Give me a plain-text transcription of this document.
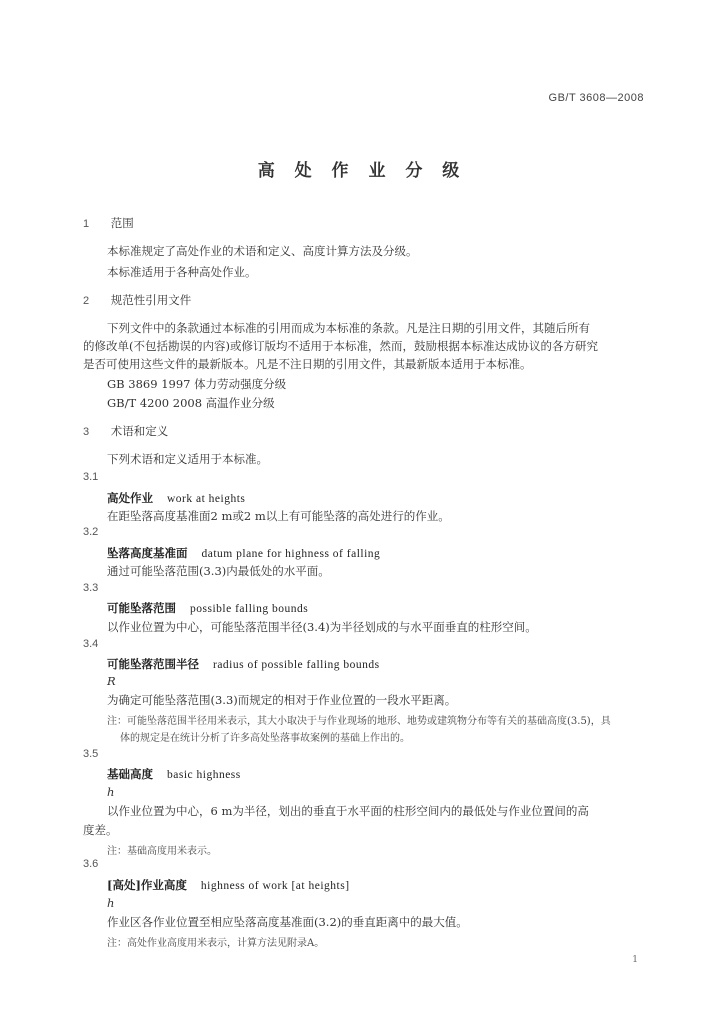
GB/T 3608—2008
高 处 作 业 分 级
1 范围
本标准规定了高处作业的术语和定义、高度计算方法及分级。
本标准适用于各种高处作业。
2 规范性引用文件
下列文件中的条款通过本标准的引用而成为本标准的条款。凡是注日期的引用文件，其随后所有
的修改单(不包括勘误的内容)或修订版均不适用于本标准，然而，鼓励根据本标准达成协议的各方研究
是否可使用这些文件的最新版本。凡是不注日期的引用文件，其最新版本适用于本标准。
GB 3869 1997 体力劳动强度分级
GB/T 4200 2008 高温作业分级
3 术语和定义
下列术语和定义适用于本标准。
3.1
高处作业 work at heights
在距坠落高度基准面2 m或2 m以上有可能坠落的高处进行的作业。
3.2
坠落高度基准面 datum plane for highness of falling
通过可能坠落范围(3.3)内最低处的水平面。
3.3
可能坠落范围 possible falling bounds
以作业位置为中心，可能坠落范围半径(3.4)为半径划成的与水平面垂直的柱形空间。
3.4
可能坠落范围半径 radius of possible falling bounds
R
为确定可能坠落范围(3.3)而规定的相对于作业位置的一段水平距离。
注：可能坠落范围半径用米表示，其大小取决于与作业现场的地形、地势或建筑物分布等有关的基础高度(3.5)，具
体的规定是在统计分析了许多高处坠落事故案例的基础上作出的。
3.5
基础高度 basic highness
h
以作业位置为中心，6 m为半径，划出的垂直于水平面的柱形空间内的最低处与作业位置间的高
度差。
注：基础高度用米表示。
3.6
[高处]作业高度 highness of work [at heights]
h
作业区各作业位置至相应坠落高度基准面(3.2)的垂直距离中的最大值。
注：高处作业高度用米表示，计算方法见附录A。
1
